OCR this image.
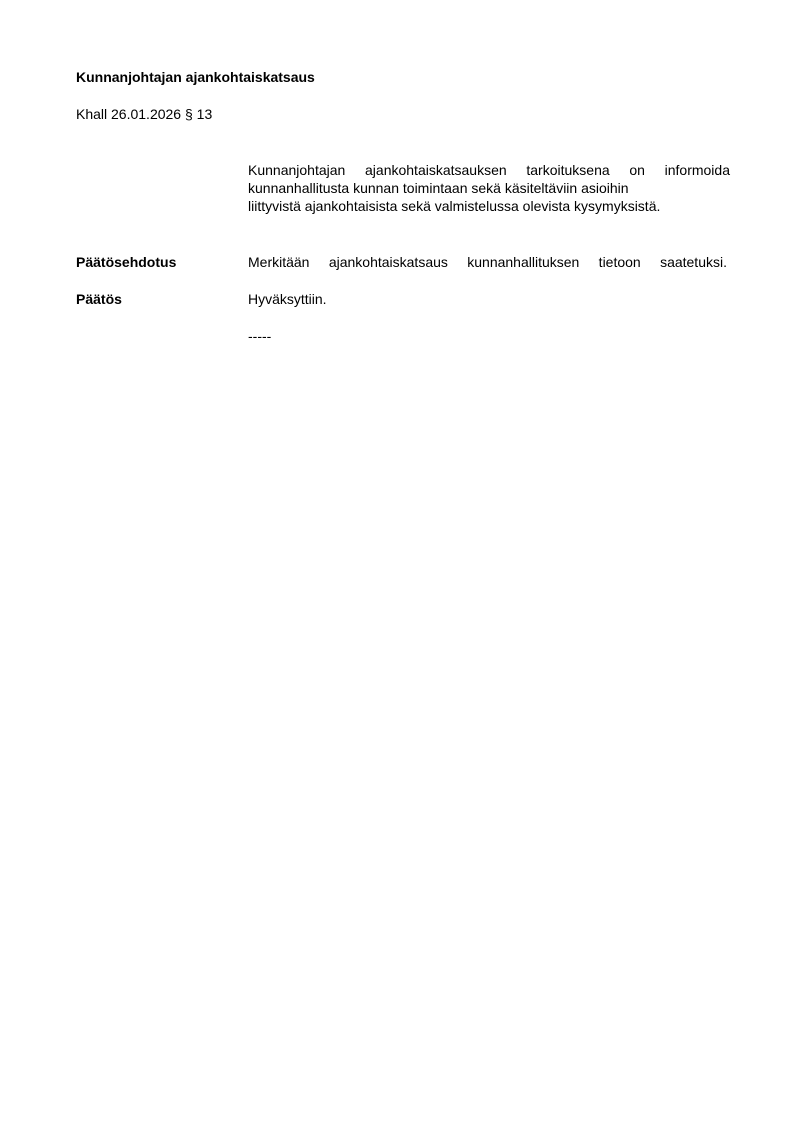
Kunnanjohtajan ajankohtaiskatsaus
Khall 26.01.2026 § 13
Kunnanjohtajan ajankohtaiskatsauksen tarkoituksena on informoida
kunnanhallitusta kunnan toimintaan sekä käsiteltäviin asioihin
liittyvistä ajankohtaisista sekä valmistelussa olevista kysymyksistä.
Päätösehdotus	Merkitään ajankohtaiskatsaus kunnanhallituksen tietoon saatetuksi.
Päätös	Hyväksyttiin.
-----
